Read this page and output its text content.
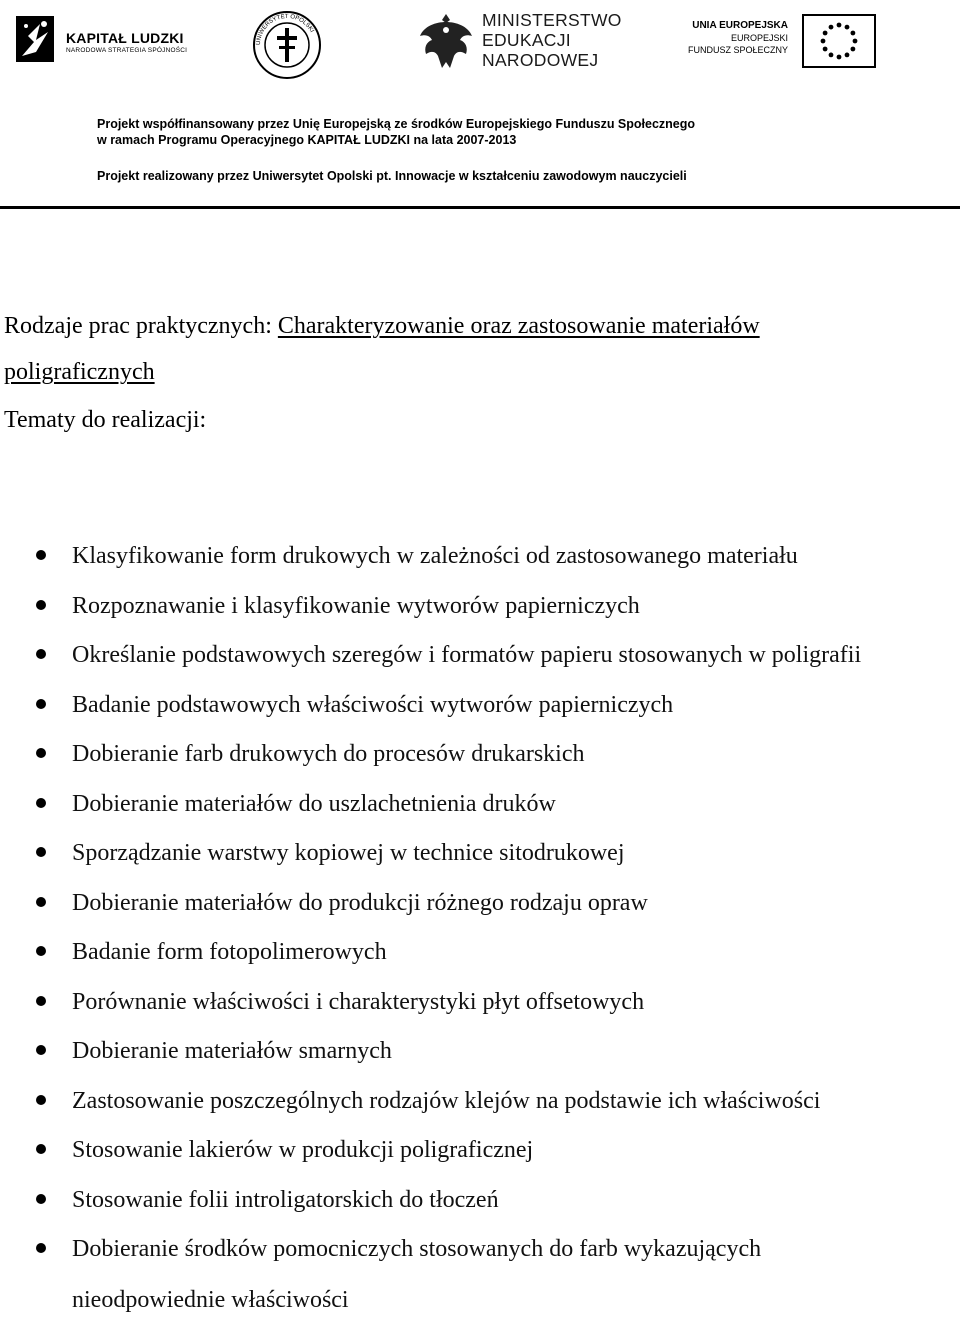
KAPITAŁ LUDZKI
NARODOWA STRATEGIA SPÓJNOŚCI
UNIWERSYTET OPOLSKI
MINISTERSTWO
EDUKACJI
NARODOWEJ
UNIA EUROPEJSKA
EUROPEJSKI
FUNDUSZ SPOŁECZNY
Projekt współfinansowany przez Unię Europejską ze środków Europejskiego Funduszu Społecznego
w ramach Programu Operacyjnego KAPITAŁ LUDZKI na lata 2007-2013
Projekt realizowany przez Uniwersytet Opolski pt. Innowacje w kształceniu zawodowym nauczycieli
Rodzaje prac praktycznych: Charakteryzowanie oraz zastosowanie materiałów
poligraficznych
Tematy do realizacji:
Klasyfikowanie form drukowych w zależności od zastosowanego materiału
Rozpoznawanie i klasyfikowanie wytworów papierniczych
Określanie podstawowych szeregów i formatów papieru stosowanych w poligrafii
Badanie podstawowych właściwości wytworów papierniczych
Dobieranie farb drukowych do procesów drukarskich
Dobieranie materiałów do uszlachetnienia druków
Sporządzanie warstwy kopiowej w technice sitodrukowej
Dobieranie materiałów do produkcji różnego rodzaju opraw
Badanie form fotopolimerowych
Porównanie właściwości i charakterystyki płyt offsetowych
Dobieranie materiałów smarnych
Zastosowanie poszczególnych rodzajów klejów na podstawie ich właściwości
Stosowanie lakierów w produkcji poligraficznej
Stosowanie folii introligatorskich do tłoczeń
Dobieranie środków pomocniczych stosowanych do farb wykazujących
nieodpowiednie właściwości
